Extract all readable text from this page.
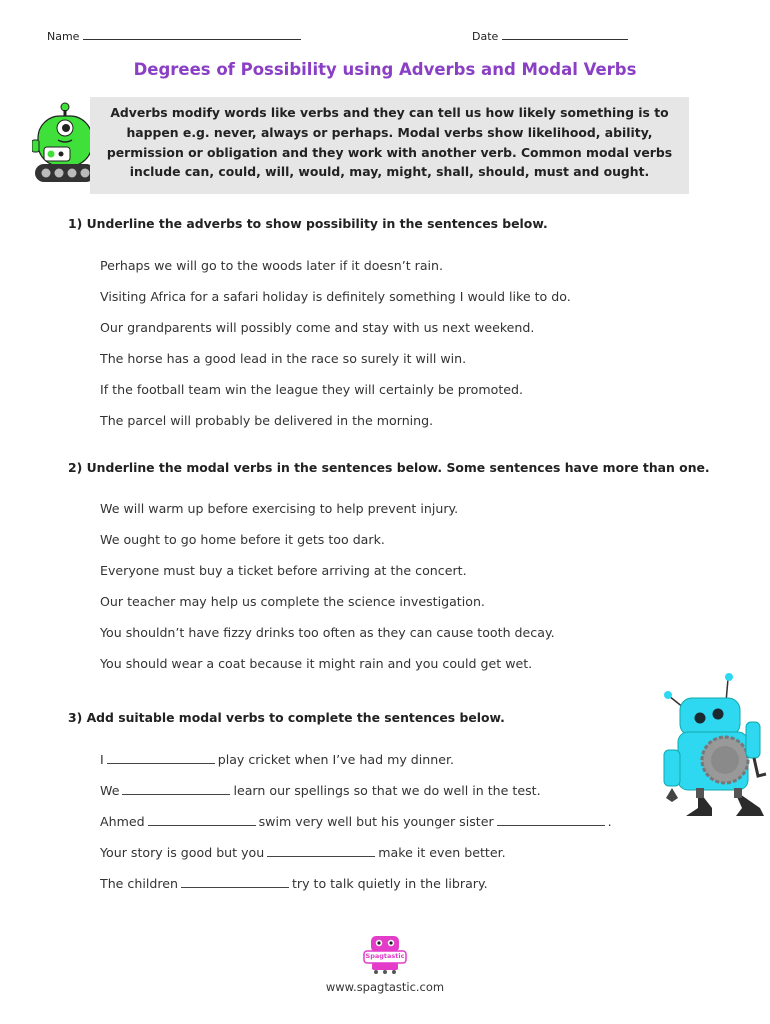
Name	Date
Degrees of Possibility using Adverbs and Modal Verbs
Adverbs modify words like verbs and they can tell us how likely something is to happen e.g. never, always or perhaps. Modal verbs show likelihood, ability, permission or obligation and they work with another verb. Common modal verbs include can, could, will, would, may, might, shall, should, must and ought.
1) Underline the adverbs to show possibility in the sentences below.
Perhaps we will go to the woods later if it doesn’t rain.
Visiting Africa for a safari holiday is definitely something I would like to do.
Our grandparents will possibly come and stay with us next weekend.
The horse has a good lead in the race so surely it will win.
If the football team win the league they will certainly be promoted.
The parcel will probably be delivered in the morning.
2) Underline the modal verbs in the sentences below. Some sentences have more than one.
We will warm up before exercising to help prevent injury.
We ought to go home before it gets too dark.
Everyone must buy a ticket before arriving at the concert.
Our teacher may help us complete the science investigation.
You shouldn’t have fizzy drinks too often as they can cause tooth decay.
You should wear a coat because it might rain and you could get wet.
3) Add suitable modal verbs to complete the sentences below.
I	play cricket when I’ve had my dinner.
We	learn our spellings so that we do well in the test.
Ahmed	swim very well but his younger sister	.
Your story is good but you	make it even better.
The children	try to talk quietly in the library.
Spagtastic
www.spagtastic.com
